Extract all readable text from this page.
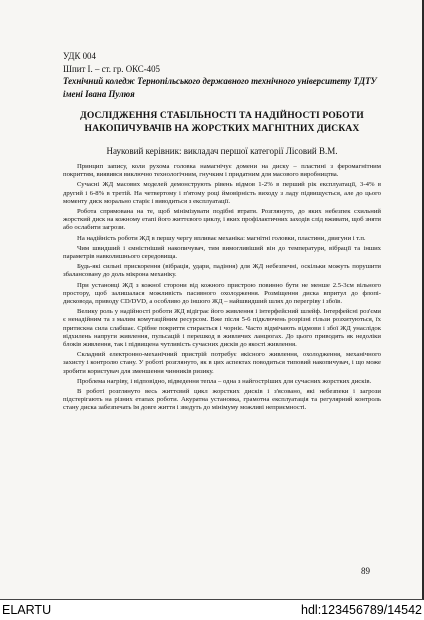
УДК 004

Шпит І. – ст. гр. ОКС-405

Технічний коледж Тернопільського державного технічного університету ТДТУ імені Івана Пулюя

ДОСЛІДЖЕННЯ СТАБІЛЬНОСТІ ТА НАДІЙНОСТІ РОБОТИ НАКОПИЧУВАЧІВ НА ЖОРСТКИХ МАГНІТНИХ ДИСКАХ

Науковий керівник: викладач першої категорії Лісовий В.М.

Принцип запису, коли рухома головка намагнічує домени на диску – пластині з феромагнітним покриттям, виявився виключно технологічним, гнучким і придатним для масового виробництва.

Сучасні ЖД масових моделей демонструють рівень відмов 1-2% в перший рік експлуатації, 3-4% в другий і 6-8% в третій. На четвертому і п'ятому році ймовірність виходу з ладу підвищується, але до цього моменту диск морально старіє і виводиться з експлуатації.

Робота спрямована на те, щоб мінімізувати подібні втрати. Розглянуто, до яких небезпек схильний жорсткий диск на кожному етапі його життєвого циклу, і яких профілактичних заходів слід вживати, щоб зняти або ослабити загрози.

На надійність роботи ЖД в першу чергу впливає механіка: магнітні головки, пластини, двигуни і т.п.

Чим швидший і ємністніший накопичувач, тим вимогливіший він до температури, вібрації та інших параметрів навколишнього середовища.

Будь-які сильні прискорення (вібрація, удари, падіння) для ЖД небезпечні, оскільки можуть порушити збалансовану до доль мікрона механіку.

При установці ЖД з кожної сторони від кожного пристрою повинно бути не менше 2.5-3см вільного простору, щоб залишалася можливість пасивного охолодження. Розміщення диска впритул до флопі-дисковода, приводу CD/DVD, а особливо до іншого ЖД – найшвидший шлях до перегріву і збоїв.

Велику роль у надійності роботи ЖД відіграє його живлення і інтерфейсний шлейф. Інтерфейсні роз'єми є ненадійним та з малим комутаційним ресурсом. Вже після 5-6 підключень розрізні гільзи розхитуються, їх притискна сила слабшає. Срібне покриття стирається і чорніє. Часто відмічають відмови і збої ЖД унаслідок відхилень напруги живлення, пульсацій і перешкод в живлячих ланцюгах. До цього приводять як недоліки блоків живлення, так і підвищена чутливість сучасних дисків до якості живлення.

Складний електронно-механічний пристрій потребує якісного живлення, охолодження, механічного захисту і контролю стану. У роботі розглянуто, як в цих аспектах поводиться типовий накопичувач, і що може зробити користувач для зменшення чинників ризику.

Проблема нагріву, і відповідно, відведення тепла – одна з найгостріших для сучасних жорстких дисків.

В роботі розглянуто весь життєвий цикл жорстких дисків і з'ясовано, які небезпеки і загрози підстерігають на різних етапах роботи. Акуратна установка, грамотна експлуатація та регулярний контроль стану диска забезпечать їм довге життя і зведуть до мінімуму можливі неприємності.

89
ELARTU	hdl:123456789/14542
